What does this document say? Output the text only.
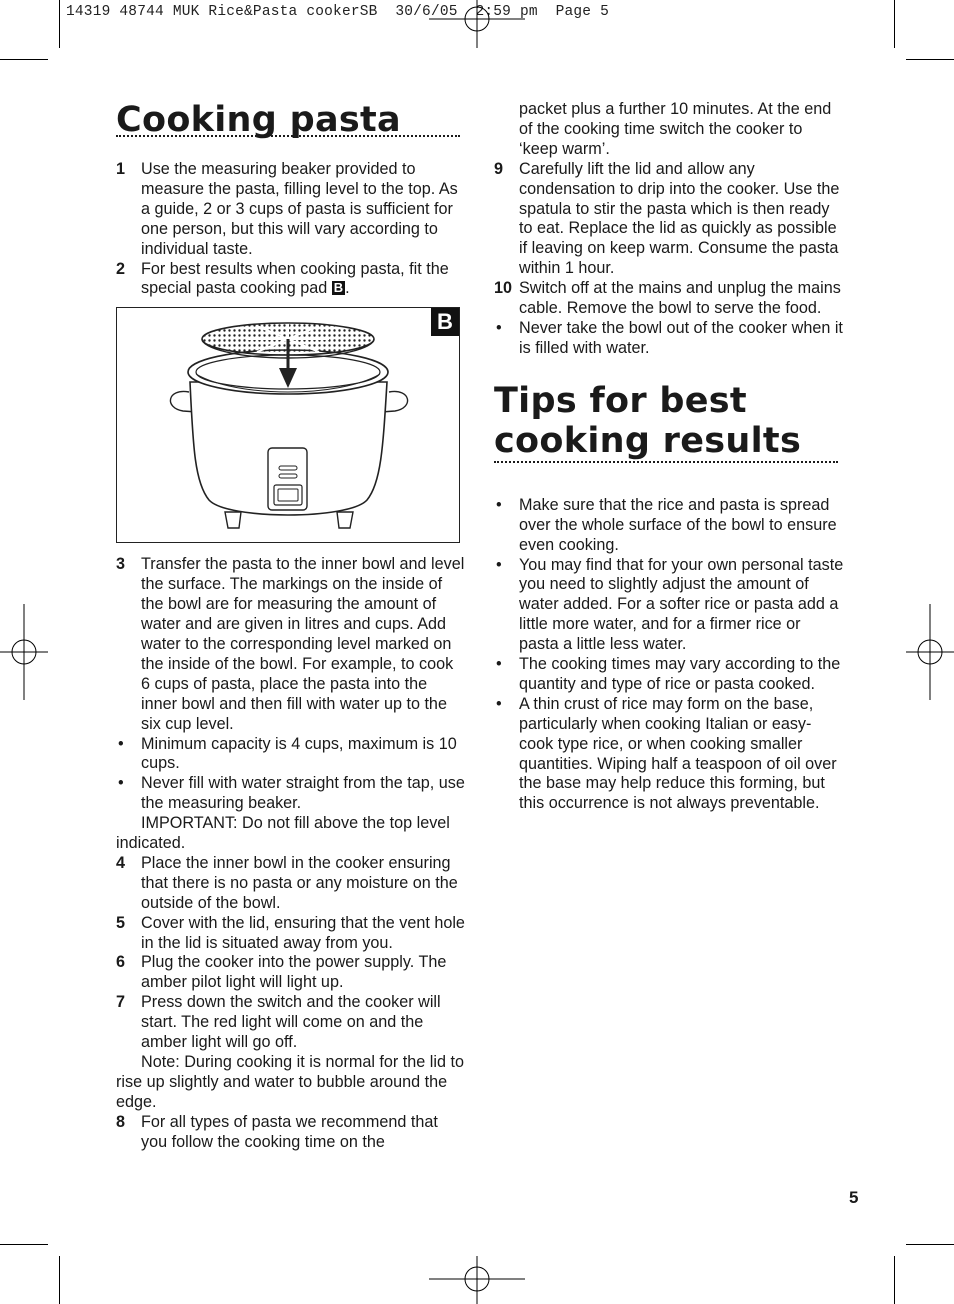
14319 48744 MUK Rice&Pasta cookerSB  30/6/05  2:59 pm  Page 5
Cooking pasta
1 Use the measuring beaker provided to measure the pasta, filling level to the top. As a guide, 2 or 3 cups of pasta is sufficient for one person, but this will vary according to individual taste.
2 For best results when cooking pasta, fit the special pasta cooking pad B .
B
3 Transfer the pasta to the inner bowl and level the surface. The markings on the inside of the bowl are for measuring the amount of water and are given in litres and cups. Add water to the corresponding level marked on the inside of the bowl. For example, to cook 6 cups of pasta, place the pasta into the inner bowl and then fill with water up to the six cup level.
• Minimum capacity is 4 cups, maximum is 10 cups.
• Never fill with water straight from the tap, use the measuring beaker.
IMPORTANT: Do not fill above the top level indicated.
4 Place the inner bowl in the cooker ensuring that there is no pasta or any moisture on the outside of the bowl.
5 Cover with the lid, ensuring that the vent hole in the lid is situated away from you.
6 Plug the cooker into the power supply. The amber pilot light will light up.
7 Press down the switch and the cooker will start. The red light will come on and the amber light will go off.
Note: During cooking it is normal for the lid to rise up slightly and water to bubble around the edge.
8 For all types of pasta we recommend that you follow the cooking time on the
packet plus a further 10 minutes. At the end of the cooking time switch the cooker to ‘keep warm’.
9 Carefully lift the lid and allow any condensation to drip into the cooker. Use the spatula to stir the pasta which is then ready to eat. Replace the lid as quickly as possible if leaving on keep warm. Consume the pasta within 1 hour.
10 Switch off at the mains and unplug the mains cable. Remove the bowl to serve the food.
• Never take the bowl out of the cooker when it is filled with water.
Tips for best
cooking results
• Make sure that the rice and pasta is spread over the whole surface of the bowl to ensure even cooking.
• You may find that for your own personal taste you need to slightly adjust the amount of water added. For a softer rice or pasta add a little more water, and for a firmer rice or pasta a little less water.
• The cooking times may vary according to the quantity and type of rice or pasta cooked.
• A thin crust of rice may form on the base, particularly when cooking Italian or easy-cook type rice, or when cooking smaller quantities. Wiping half a teaspoon of oil over the base may help reduce this forming, but this occurrence is not always preventable.
5
